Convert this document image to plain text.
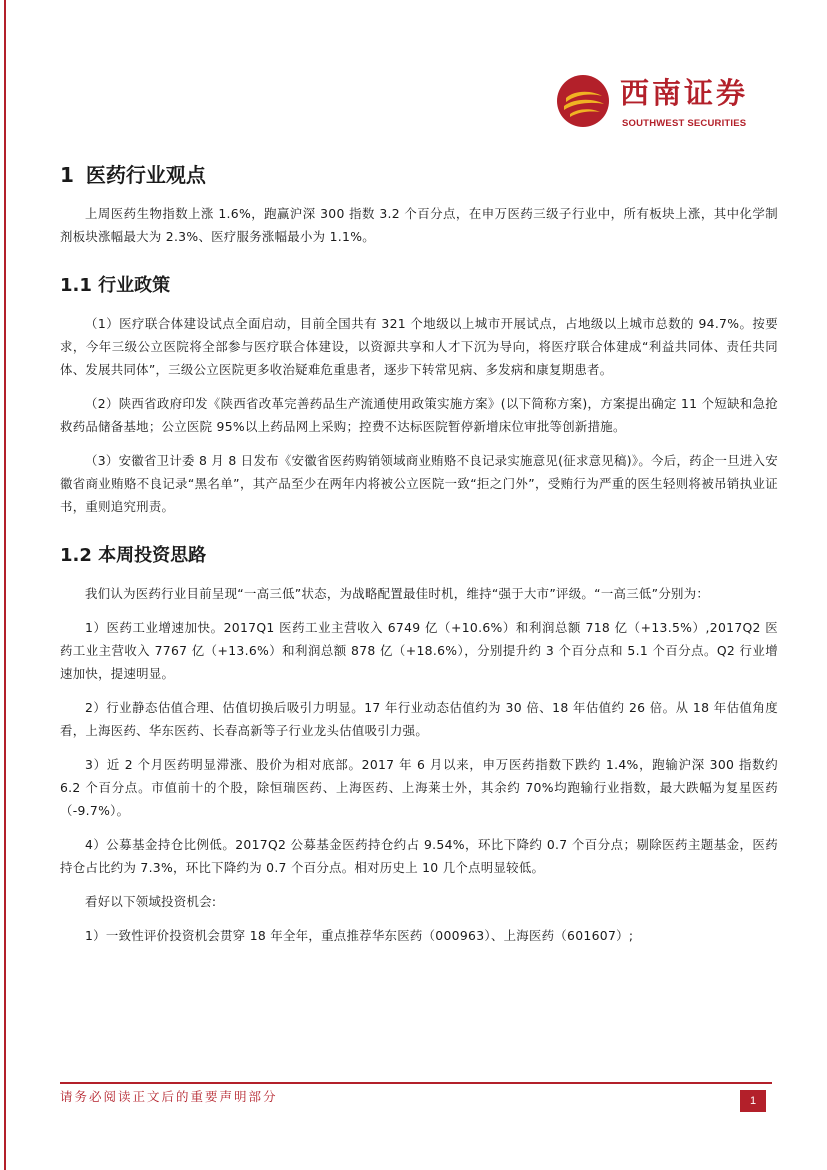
西南证券
SOUTHWEST SECURITIES
1 医药行业观点

上周医药生物指数上涨 1.6%，跑赢沪深 300 指数 3.2 个百分点，在申万医药三级子行业中，所有板块上涨，其中化学制剂板块涨幅最大为 2.3%、医疗服务涨幅最小为 1.1%。

1.1 行业政策

（1）医疗联合体建设试点全面启动，目前全国共有 321 个地级以上城市开展试点，占地级以上城市总数的 94.7%。按要求，今年三级公立医院将全部参与医疗联合体建设，以资源共享和人才下沉为导向，将医疗联合体建成“利益共同体、责任共同体、发展共同体”，三级公立医院更多收治疑难危重患者，逐步下转常见病、多发病和康复期患者。

（2）陕西省政府印发《陕西省改革完善药品生产流通使用政策实施方案》(以下简称方案)，方案提出确定 11 个短缺和急抢救药品储备基地；公立医院 95%以上药品网上采购；控费不达标医院暂停新增床位审批等创新措施。

（3）安徽省卫计委 8 月 8 日发布《安徽省医药购销领域商业贿赂不良记录实施意见(征求意见稿)》。今后，药企一旦进入安徽省商业贿赂不良记录“黑名单”，其产品至少在两年内将被公立医院一致“拒之门外”，受贿行为严重的医生轻则将被吊销执业证书，重则追究刑责。

1.2 本周投资思路

我们认为医药行业目前呈现“一高三低”状态，为战略配置最佳时机，维持“强于大市”评级。“一高三低”分别为：

1）医药工业增速加快。2017Q1 医药工业主营收入 6749 亿（+10.6%）和利润总额 718 亿（+13.5%）,2017Q2 医药工业主营收入 7767 亿（+13.6%）和利润总额 878 亿（+18.6%），分别提升约 3 个百分点和 5.1 个百分点。Q2 行业增速加快，提速明显。

2）行业静态估值合理、估值切换后吸引力明显。17 年行业动态估值约为 30 倍、18 年估值约 26 倍。从 18 年估值角度看，上海医药、华东医药、长春高新等子行业龙头估值吸引力强。

3）近 2 个月医药明显滞涨、股价为相对底部。2017 年 6 月以来，申万医药指数下跌约 1.4%，跑输沪深 300 指数约 6.2 个百分点。市值前十的个股，除恒瑞医药、上海医药、上海莱士外，其余约 70%均跑输行业指数，最大跌幅为复星医药（-9.7%）。

4）公募基金持仓比例低。2017Q2 公募基金医药持仓约占 9.54%，环比下降约 0.7 个百分点；剔除医药主题基金，医药持仓占比约为 7.3%，环比下降约为 0.7 个百分点。相对历史上 10 几个点明显较低。

看好以下领域投资机会:

1）一致性评价投资机会贯穿 18 年全年，重点推荐华东医药（000963）、上海医药（601607）;

请务必阅读正文后的重要声明部分	1
